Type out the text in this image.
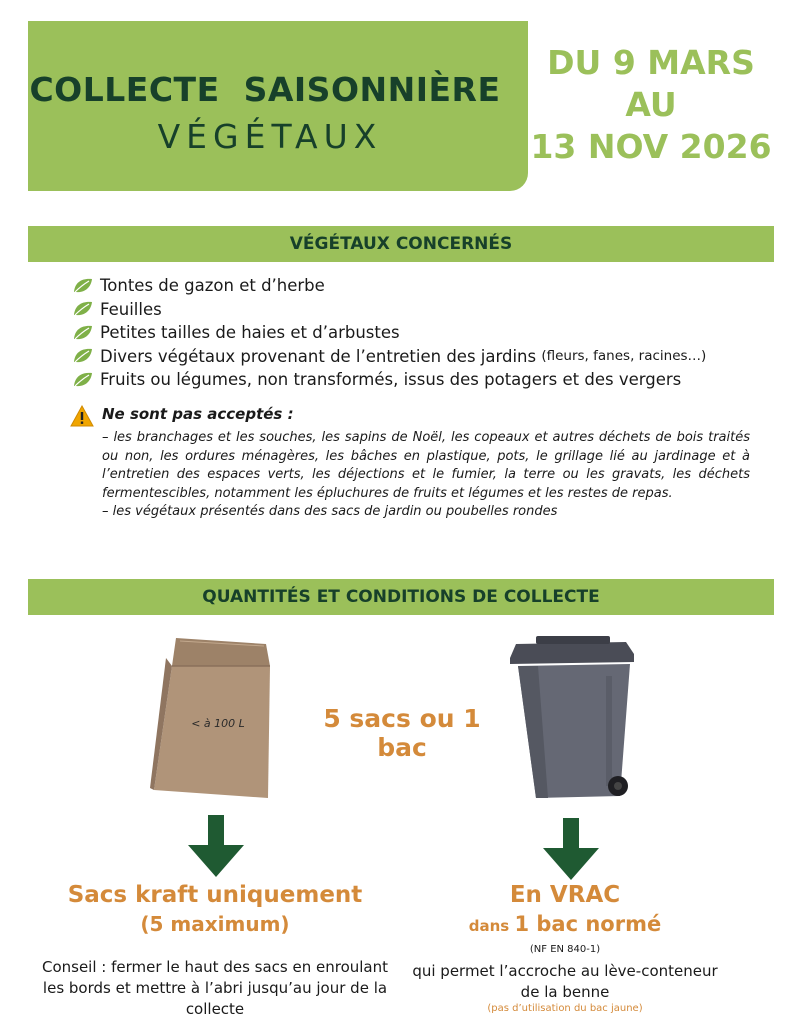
COLLECTE  SAISONNIÈRE
VÉGÉTAUX
DU 9 MARS
AU
13 NOV 2026
VÉGÉTAUX CONCERNÉS
Tontes de gazon et d’herbe
Feuilles
Petites tailles de haies et d’arbustes
Divers végétaux provenant de l’entretien des jardins (fleurs, fanes, racines…)
Fruits ou légumes, non transformés, issus des potagers et des vergers
Ne sont pas acceptés :
– les branchages et les souches, les sapins de Noël, les copeaux et autres déchets de bois traités ou non, les ordures ménagères, les bâches en plastique, pots, le grillage lié au jardinage et à l’entretien des espaces verts, les déjections et le fumier, la terre ou les gravats, les déchets fermentescibles, notamment les épluchures de fruits et légumes et les restes de repas.
– les végétaux présentés dans des sacs de jardin ou poubelles rondes
QUANTITÉS ET CONDITIONS DE COLLECTE
< à 100 L	5 sacs ou 1 bac
Sacs kraft uniquement
(5 maximum)
Conseil : fermer le haut des sacs en enroulant les bords et mettre à l’abri jusqu’au jour de la collecte
En VRAC
dans 1 bac normé
(NF EN 840-1)
qui permet l’accroche au lève-conteneur de la benne
(pas d’utilisation du bac jaune)
